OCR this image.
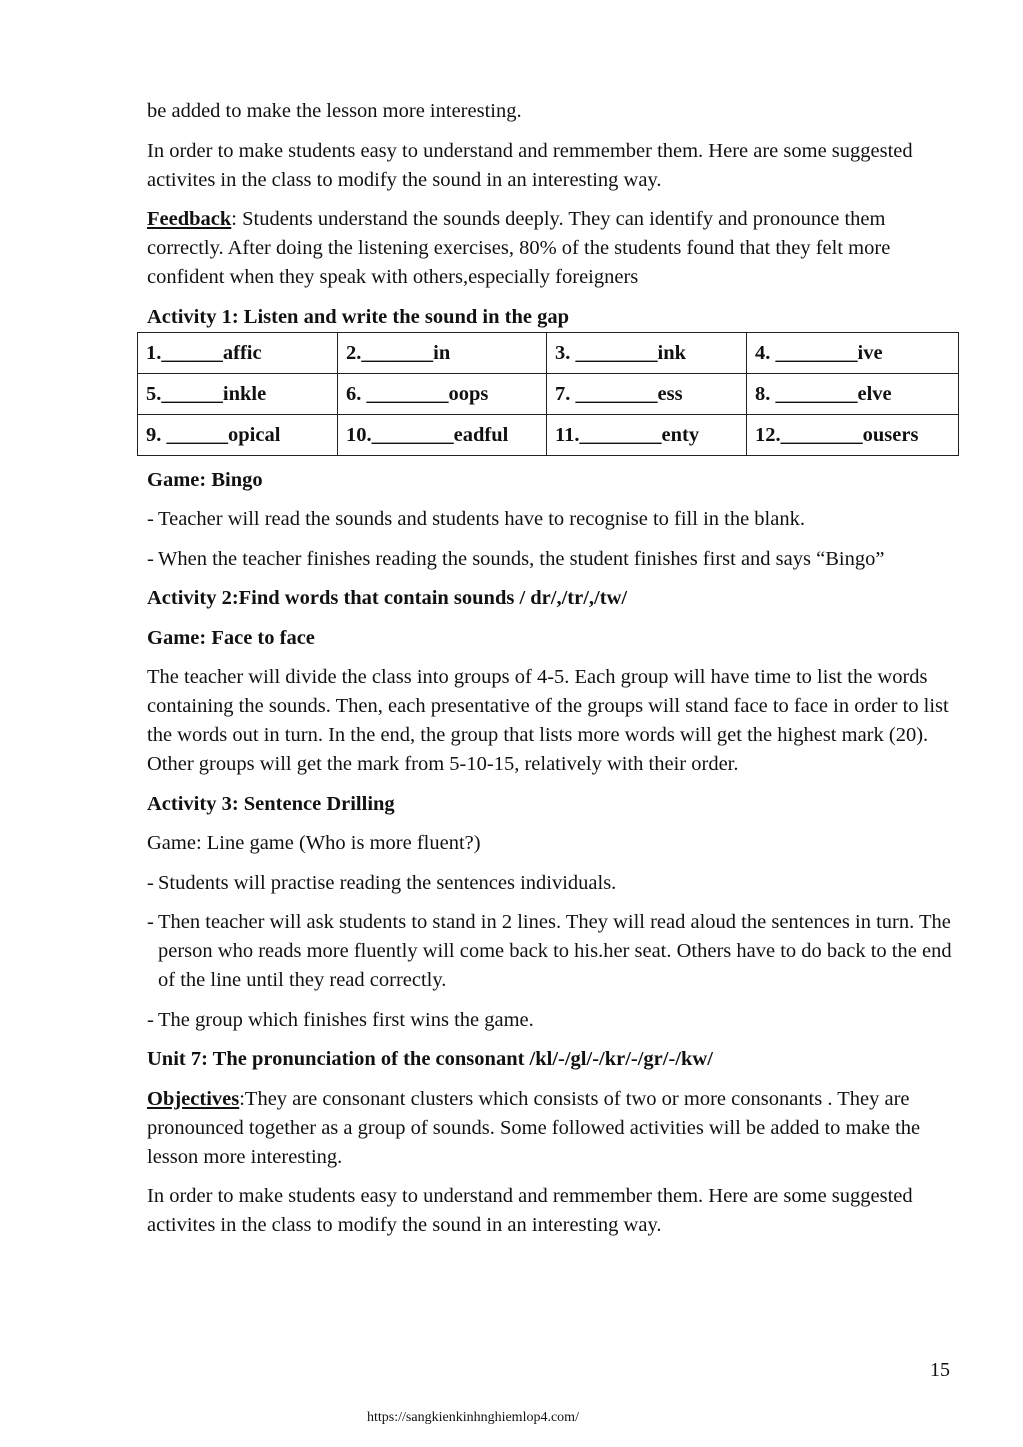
be added to make the lesson more interesting.

In order to make students easy to understand and remmember them. Here are some suggested activites in the class to modify the sound in an interesting way.

Feedback: Students understand the sounds deeply. They can identify and pronounce them correctly. After doing the listening exercises, 80% of the students found that they felt more confident when they speak with others,especially foreigners

Activity 1: Listen and write the sound in the gap

1.______affic	2._______in	3. ________ink	4. ________ive
5.______inkle	6. ________oops	7. ________ess	8. ________elve
9. ______opical	10.________eadful	11.________enty	12.________ousers

Game: Bingo

- Teacher will read the sounds and students have to recognise to fill in the blank.

- When the teacher finishes reading the sounds, the student finishes first and says “Bingo”

Activity 2:Find words that contain sounds / dr/,/tr/,/tw/

Game: Face to face

The teacher will divide the class into groups of 4-5. Each group will have time to list the words containing the sounds. Then, each presentative of the groups will stand face to face in order to list the words out in turn. In the end, the group that lists more words will get the highest mark (20). Other groups will get the mark from 5-10-15, relatively with their order.

Activity 3: Sentence Drilling

Game: Line game (Who is more fluent?)

- Students will practise reading the sentences individuals.

- Then teacher will ask students to stand in 2 lines. They will read aloud the sentences in turn. The person who reads more fluently will come back to his.her seat. Others have to do back to the end of the line until they read correctly.

- The group which finishes first wins the game.

Unit 7: The pronunciation of the consonant /kl/-/gl/-/kr/-/gr/-/kw/

Objectives:They are consonant clusters which consists of two or more consonants . They are pronounced together as a group of sounds. Some followed activities will be added to make the lesson more interesting.

In order to make students easy to understand and remmember them. Here are some suggested activites in the class to modify the sound in an interesting way.

15
https://sangkienkinhnghiemlop4.com/
